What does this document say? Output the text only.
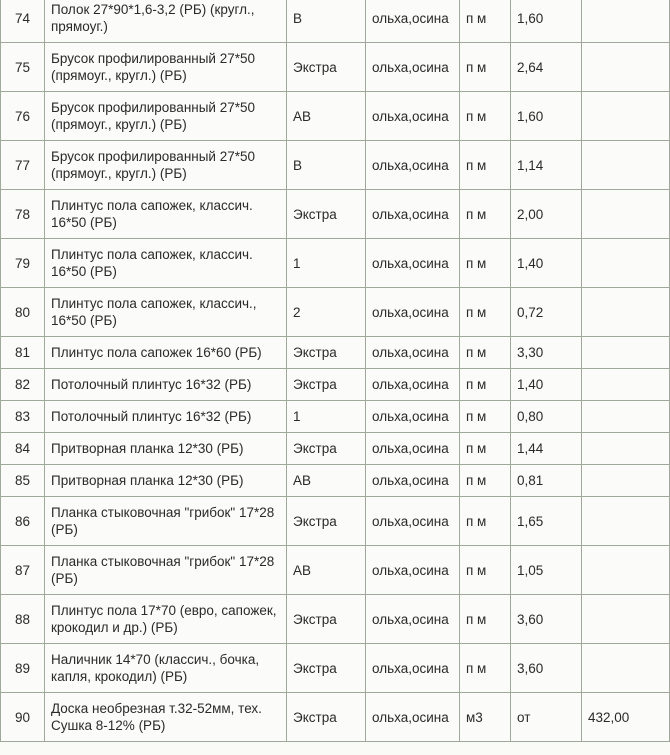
74	Полок 27*90*1,6-3,2 (РБ) (кругл., прямоуг.)	В	ольха,осина	п м	1,60	
75	Брусок профилированный 27*50 (прямоуг., кругл.) (РБ)	Экстра	ольха,осина	п м	2,64	
76	Брусок профилированный 27*50 (прямоуг., кругл.) (РБ)	АВ	ольха,осина	п м	1,60	
77	Брусок профилированный 27*50 (прямоуг., кругл.) (РБ)	В	ольха,осина	п м	1,14	
78	Плинтус пола сапожек, классич. 16*50 (РБ)	Экстра	ольха,осина	п м	2,00	
79	Плинтус пола сапожек, классич. 16*50 (РБ)	1	ольха,осина	п м	1,40	
80	Плинтус пола сапожек, классич., 16*50 (РБ)	2	ольха,осина	п м	0,72	
81	Плинтус пола сапожек 16*60 (РБ)	Экстра	ольха,осина	п м	3,30	
82	Потолочный плинтус 16*32 (РБ)	Экстра	ольха,осина	п м	1,40	
83	Потолочный плинтус 16*32 (РБ)	1	ольха,осина	п м	0,80	
84	Притворная планка 12*30 (РБ)	Экстра	ольха,осина	п м	1,44	
85	Притворная планка 12*30 (РБ)	АВ	ольха,осина	п м	0,81	
86	Планка стыковочная "грибок" 17*28 (РБ)	Экстра	ольха,осина	п м	1,65	
87	Планка стыковочная "грибок" 17*28 (РБ)	АВ	ольха,осина	п м	1,05	
88	Плинтус пола 17*70 (евро, сапожек, крокодил и др.) (РБ)	Экстра	ольха,осина	п м	3,60	
89	Наличник 14*70 (классич., бочка, капля, крокодил) (РБ)	Экстра	ольха,осина	п м	3,60	
90	Доска необрезная т.32-52мм, тех. Сушка 8-12% (РБ)	Экстра	ольха,осина	м3	от	432,00
